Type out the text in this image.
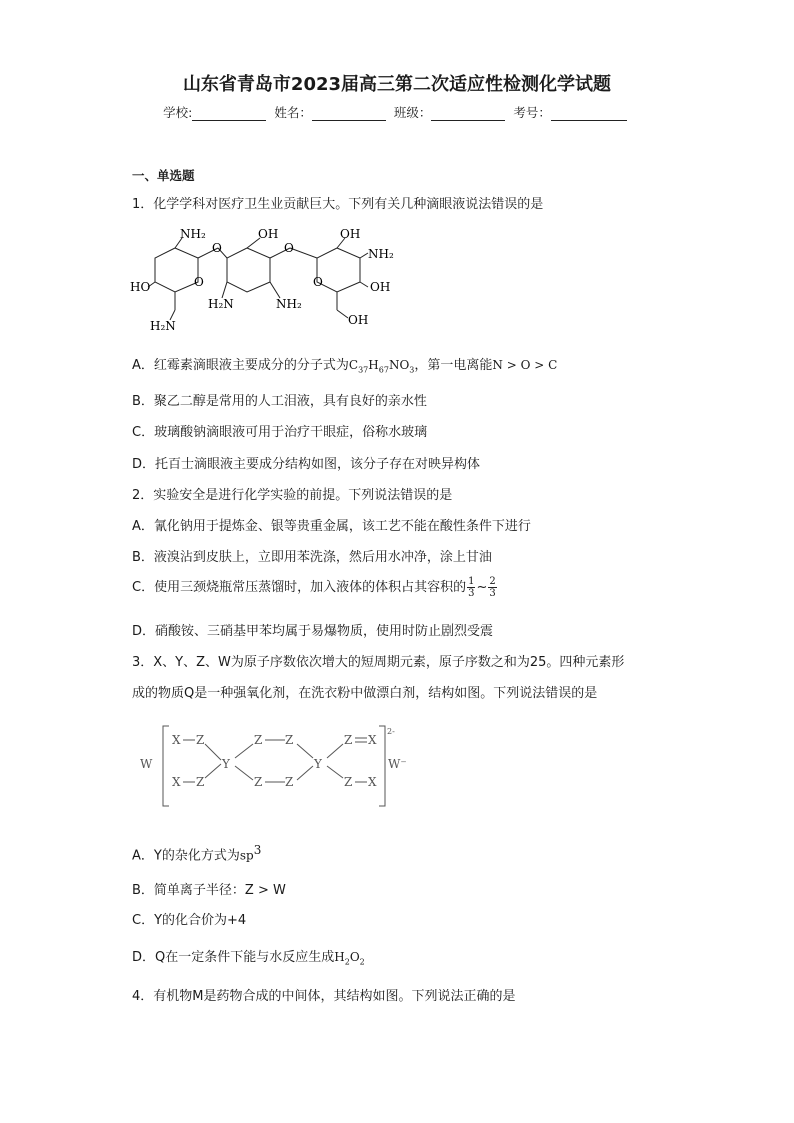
山东省青岛市2023届高三第二次适应性检测化学试题
学校:	姓名：	班级：	考号：
一、单选题
1．化学学科对医疗卫生业贡献巨大。下列有关几种滴眼液说法错误的是
NH₂
O
OH
O
OH
NH₂
HO	O	O	OH
H₂N	NH₂
H₂N	OH
A．红霉素滴眼液主要成分的分子式为$C_{37}H_{67}NO_3$，第一电离能N > O > C
B．聚乙二醇是常用的人工泪液，具有良好的亲水性
C．玻璃酸钠滴眼液可用于治疗干眼症，俗称水玻璃
D．托百士滴眼液主要成分结构如图，该分子存在对映异构体
2．实验安全是进行化学实验的前提。下列说法错误的是
A．氰化钠用于提炼金、银等贵重金属，该工艺不能在酸性条件下进行
B．液溴沾到皮肤上，立即用苯洗涤，然后用水冲净，涂上甘油
C．使用三颈烧瓶常压蒸馏时，加入液体的体积占其容积的 $\frac{1}{3}$ ~ $\frac{2}{3}$
D．硝酸铵、三硝基甲苯均属于易爆物质，使用时防止剧烈受震
3．X、Y、Z、W为原子序数依次增大的短周期元素，原子序数之和为25。四种元素形
成的物质Q是一种强氧化剂，在洗衣粉中做漂白剂，结构如图。下列说法错误的是
W
X Z
X Z
Y
Z Z
Z Z
Y
Z X
Z X
2-
W⁻
A．Y的杂化方式为$sp^3$
B．简单离子半径：Z > W
C．Y的化合价为+4
D．Q在一定条件下能与水反应生成$H_2O_2$
4．有机物M是药物合成的中间体，其结构如图。下列说法正确的是
